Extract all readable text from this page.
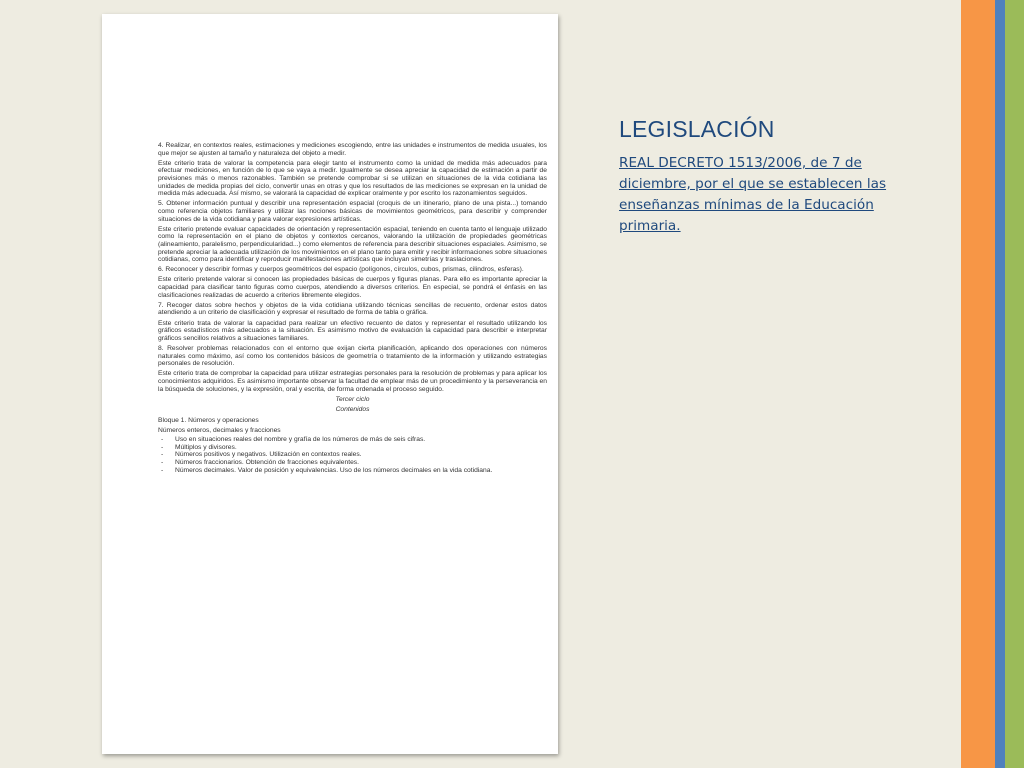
4. Realizar, en contextos reales, estimaciones y mediciones escogiendo, entre las unidades e instrumentos de medida usuales, los que mejor se ajusten al tamaño y naturaleza del objeto a medir.

Este criterio trata de valorar la competencia para elegir tanto el instrumento como la unidad de medida más adecuados para efectuar mediciones, en función de lo que se vaya a medir. Igualmente se desea apreciar la capacidad de estimación a partir de previsiones más o menos razonables. También se pretende comprobar si se utilizan en situaciones de la vida cotidiana las unidades de medida propias del ciclo, convertir unas en otras y que los resultados de las mediciones se expresan en la unidad de medida más adecuada. Así mismo, se valorará la capacidad de explicar oralmente y por escrito los razonamientos seguidos.

5. Obtener información puntual y describir una representación espacial (croquis de un itinerario, plano de una pista...) tomando como referencia objetos familiares y utilizar las nociones básicas de movimientos geométricos, para describir y comprender situaciones de la vida cotidiana y para valorar expresiones artísticas.

Este criterio pretende evaluar capacidades de orientación y representación espacial, teniendo en cuenta tanto el lenguaje utilizado como la representación en el plano de objetos y contextos cercanos, valorando la utilización de propiedades geométricas (alineamiento, paralelismo, perpendicularidad...) como elementos de referencia para describir situaciones espaciales. Asimismo, se pretende apreciar la adecuada utilización de los movimientos en el plano tanto para emitir y recibir informaciones sobre situaciones cotidianas, como para identificar y reproducir manifestaciones artísticas que incluyan simetrías y traslaciones.

6. Reconocer y describir formas y cuerpos geométricos del espacio (polígonos, círculos, cubos, prismas, cilindros, esferas).

Este criterio pretende valorar si conocen las propiedades básicas de cuerpos y figuras planas. Para ello es importante apreciar la capacidad para clasificar tanto figuras como cuerpos, atendiendo a diversos criterios. En especial, se pondrá el énfasis en las clasificaciones realizadas de acuerdo a criterios libremente elegidos.

7. Recoger datos sobre hechos y objetos de la vida cotidiana utilizando técnicas sencillas de recuento, ordenar estos datos atendiendo a un criterio de clasificación y expresar el resultado de forma de tabla o gráfica.

Este criterio trata de valorar la capacidad para realizar un efectivo recuento de datos y representar el resultado utilizando los gráficos estadísticos más adecuados a la situación. Es asimismo motivo de evaluación la capacidad para describir e interpretar gráficos sencillos relativos a situaciones familiares.

8. Resolver problemas relacionados con el entorno que exijan cierta planificación, aplicando dos operaciones con números naturales como máximo, así como los contenidos básicos de geometría o tratamiento de la información y utilizando estrategias personales de resolución.

Este criterio trata de comprobar la capacidad para utilizar estrategias personales para la resolución de problemas y para aplicar los conocimientos adquiridos. Es asimismo importante observar la facultad de emplear más de un procedimiento y la perseverancia en la búsqueda de soluciones, y la expresión, oral y escrita, de forma ordenada el proceso seguido.

Tercer ciclo
Contenidos
Bloque 1. Números y operaciones
Números enteros, decimales y fracciones
- Uso en situaciones reales del nombre y grafía de los números de más de seis cifras.
- Múltiplos y divisores.
- Números positivos y negativos. Utilización en contextos reales.
- Números fraccionarios. Obtención de fracciones equivalentes.
- Números decimales. Valor de posición y equivalencias. Uso de los números decimales en la vida cotidiana.
LEGISLACIÓN
REAL DECRETO 1513/2006, de 7 de diciembre, por el que se establecen las enseñanzas mínimas de la Educación primaria.
